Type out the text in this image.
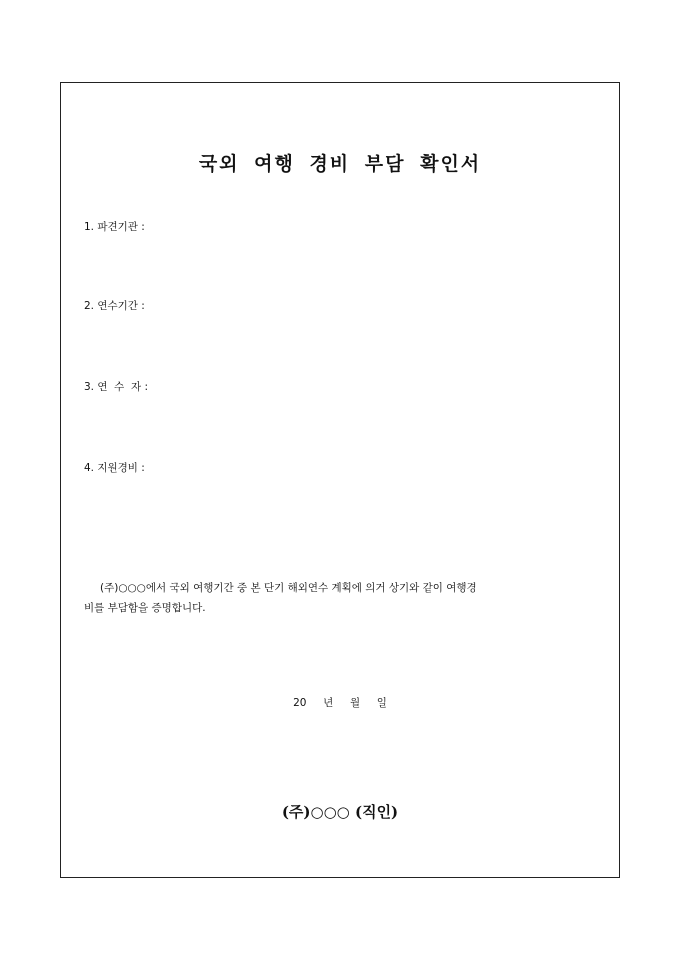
국외 여행 경비 부담 확인서
1. 파견기관 :
2. 연수기간 :
3. 연  수  자 :
4. 지원경비 :
(주)○○○에서 국외 여행기간 중 본 단기 해외연수 계획에 의거 상기와 같이 여행경
비를 부담함을 증명합니다.
20     년     월     일
(주)○○○ (직인)
